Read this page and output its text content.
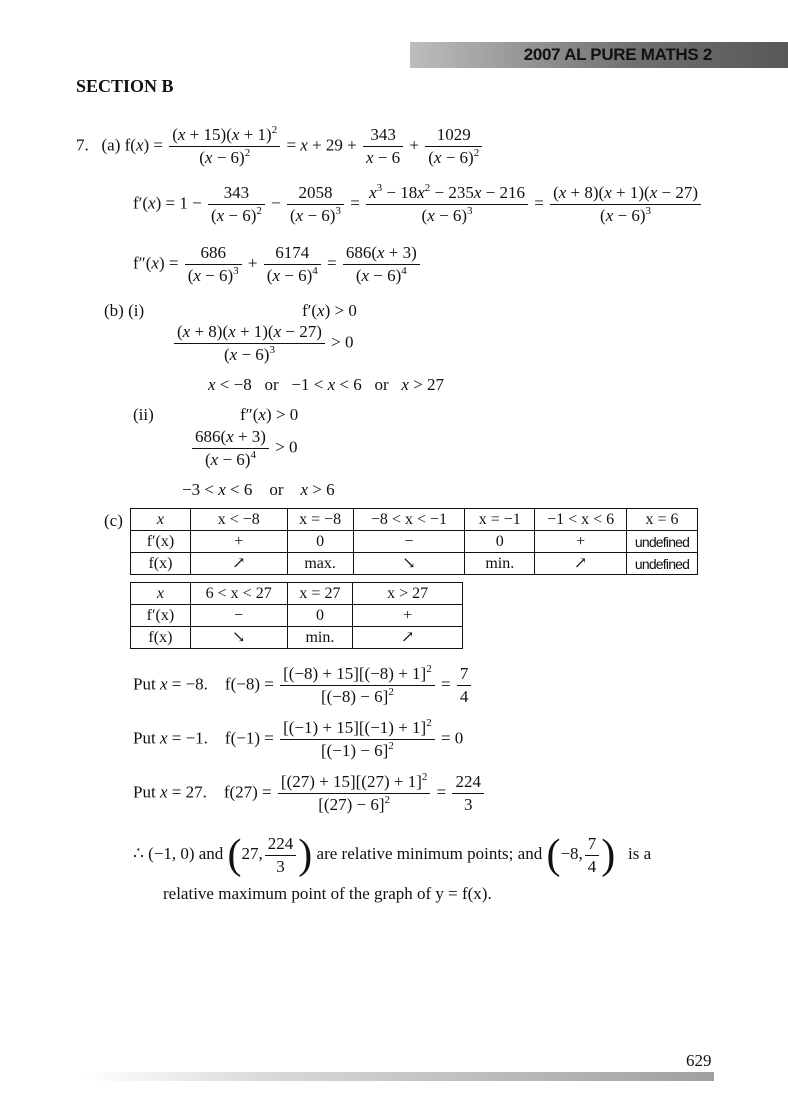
2007 AL PURE MATHS 2
SECTION B
7. (a) $f(x) = \frac{(x + 15)(x + 1)^2}{(x - 6)^2} = x + 29 + \frac{343}{x - 6} + \frac{1029}{(x - 6)^2}$
$f'(x) = 1 - \frac{343}{(x - 6)^2} - \frac{2058}{(x - 6)^3} = \frac{x^3 - 18x^2 - 235x - 216}{(x - 6)^3} = \frac{(x + 8)(x + 1)(x - 27)}{(x - 6)^3}$
$f''(x) = \frac{686}{(x - 6)^3} + \frac{6174}{(x - 6)^4} = \frac{686(x + 3)}{(x - 6)^4}$
(b) (i)	f′(x) > 0
$\frac{(x + 8)(x + 1)(x - 27)}{(x - 6)^3} > 0$
x < −8   or   −1 < x < 6   or   x > 27
(ii)	f″(x) > 0
$\frac{686(x + 3)}{(x - 6)^4} > 0$
−3 < x < 6    or    x > 6
(c) x	x < −8	x = −8	−8 < x < −1	x = −1	−1 < x < 6	x = 6
f′(x)	+	0	−	0	+	undefined
f(x)	↗	max.	↘	min.	↗	undefined
x	6 < x < 27	x = 27	x > 27
f′(x)	−	0	+
f(x)	↘	min.	↗
Put x = −8.    $f(-8) = \frac{[(-8) + 15][(-8) + 1]^2}{[(-8) - 6]^2} = \frac{7}{4}$
Put x = −1.    $f(-1) = \frac{[(-1) + 15][(-1) + 1]^2}{[(-1) - 6]^2} = 0$
Put x = 27.    $f(27) = \frac{[(27) + 15][(27) + 1]^2}{[(27) - 6]^2} = \frac{224}{3}$
∴ (−1, 0) and (27, $\frac{224}{3}$ ) are relative minimum points; and (−8, $\frac{7}{4}$ ) is a
relative maximum point of the graph of y = f(x).
629
